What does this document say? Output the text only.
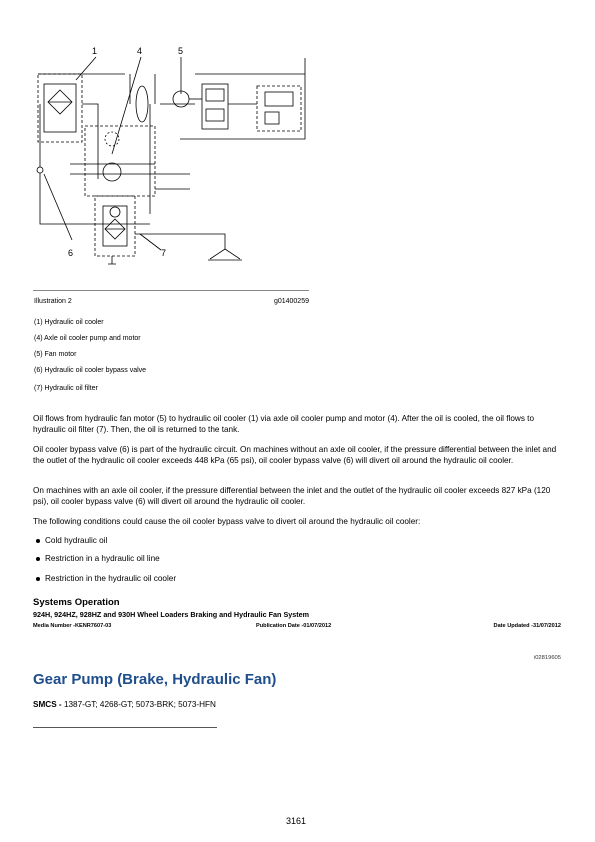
1	4	5
6	7
Illustration 2	g01400259
(1) Hydraulic oil cooler
(4) Axle oil cooler pump and motor
(5) Fan motor
(6) Hydraulic oil cooler bypass valve
(7) Hydraulic oil filter
Oil flows from hydraulic fan motor (5) to hydraulic oil cooler (1) via axle oil cooler pump and motor (4). After the oil is cooled, the oil flows to hydraulic oil filter (7). Then, the oil is returned to the tank.
Oil cooler bypass valve (6) is part of the hydraulic circuit. On machines without an axle oil cooler, if the pressure differential between the inlet and the outlet of the hydraulic oil cooler exceeds 448 kPa (65 psi), oil cooler bypass valve (6) will divert oil around the hydraulic oil cooler.
On machines with an axle oil cooler, if the pressure differential between the inlet and the outlet of the hydraulic oil cooler exceeds 827 kPa (120 psi), oil cooler bypass valve (6) will divert oil around the hydraulic oil cooler.
The following conditions could cause the oil cooler bypass valve to divert oil around the hydraulic oil cooler:
Cold hydraulic oil
Restriction in a hydraulic oil line
Restriction in the hydraulic oil cooler
Systems Operation
924H, 924HZ, 928HZ and 930H Wheel Loaders Braking and Hydraulic Fan System
Media Number -KENR7607-03	Publication Date -01/07/2012	Date Updated -31/07/2012
i02819605
Gear Pump (Brake, Hydraulic Fan)
SMCS - 1387-GT; 4268-GT; 5073-BRK; 5073-HFN
3161
